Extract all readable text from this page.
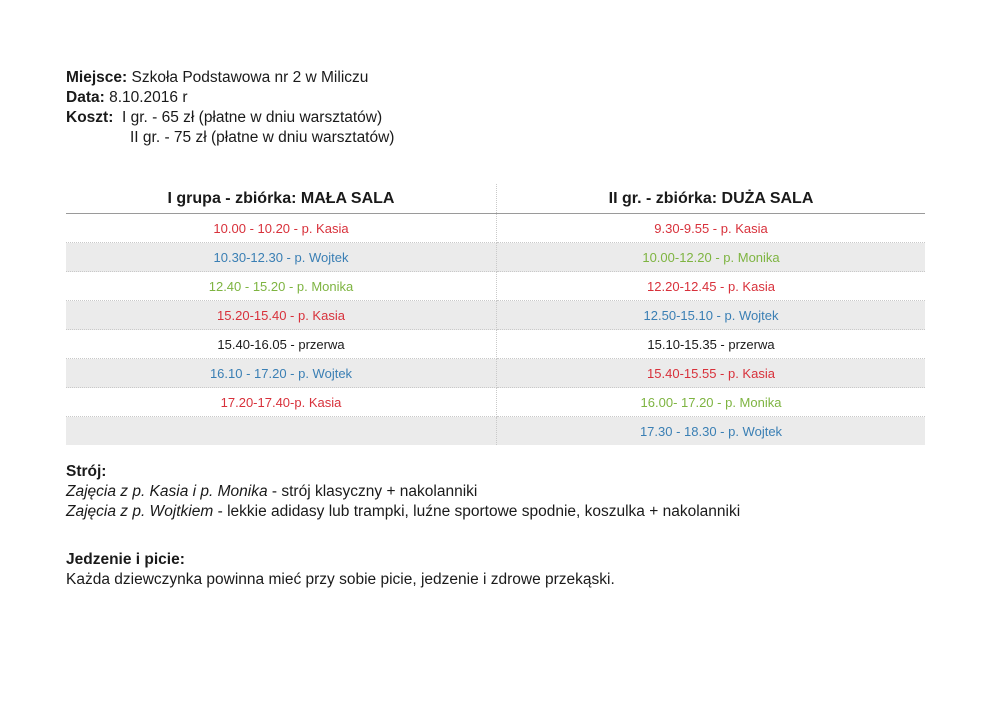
Miejsce: Szkoła Podstawowa nr 2 w Miliczu
Data: 8.10.2016 r
Koszt: I gr. - 65 zł (płatne w dniu warsztatów)
II gr. - 75 zł (płatne w dniu warsztatów)
I grupa - zbiórka: MAŁA SALA	II gr. - zbiórka: DUŻA SALA
10.00 - 10.20 - p. Kasia	9.30-9.55 - p. Kasia
10.30-12.30 - p. Wojtek	10.00-12.20 - p. Monika
12.40 - 15.20 - p. Monika	12.20-12.45 - p. Kasia
15.20-15.40 - p. Kasia	12.50-15.10 - p. Wojtek
15.40-16.05 - przerwa	15.10-15.35 - przerwa
16.10 - 17.20 - p. Wojtek	15.40-15.55 - p. Kasia
17.20-17.40-p. Kasia	16.00- 17.20 - p. Monika
	17.30 - 18.30 - p. Wojtek
Strój:
Zajęcia z p. Kasia i p. Monika - strój klasyczny + nakolanniki
Zajęcia z p. Wojtkiem - lekkie adidasy lub trampki, luźne sportowe spodnie, koszulka + nakolanniki
Jedzenie i picie:
Każda dziewczynka powinna mieć przy sobie picie, jedzenie i zdrowe przekąski.
